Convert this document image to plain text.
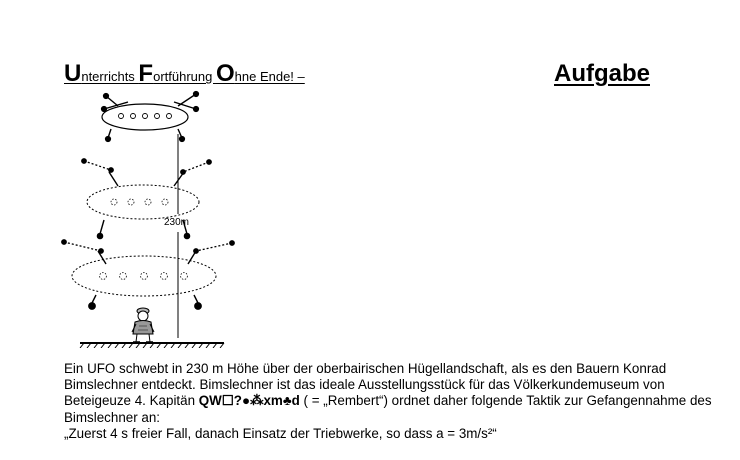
Unterrichts Fortführung Ohne Ende! –	Aufgabe
230m

Ein UFO schwebt in 230 m Höhe über der oberbairischen Hügellandschaft, als es den Bauern Konrad Bimslechner entdeckt. Bimslechner ist das ideale Ausstellungsstück für das Völkerkundemuseum von Beteigeuze 4. Kapitän QW☐?●⁂xm♣d ( = „Rembert“) ordnet daher folgende Taktik zur Gefangennahme des Bimslechner an:
„Zuerst 4 s freier Fall, danach Einsatz der Triebwerke, so dass a = 3m/s²“
